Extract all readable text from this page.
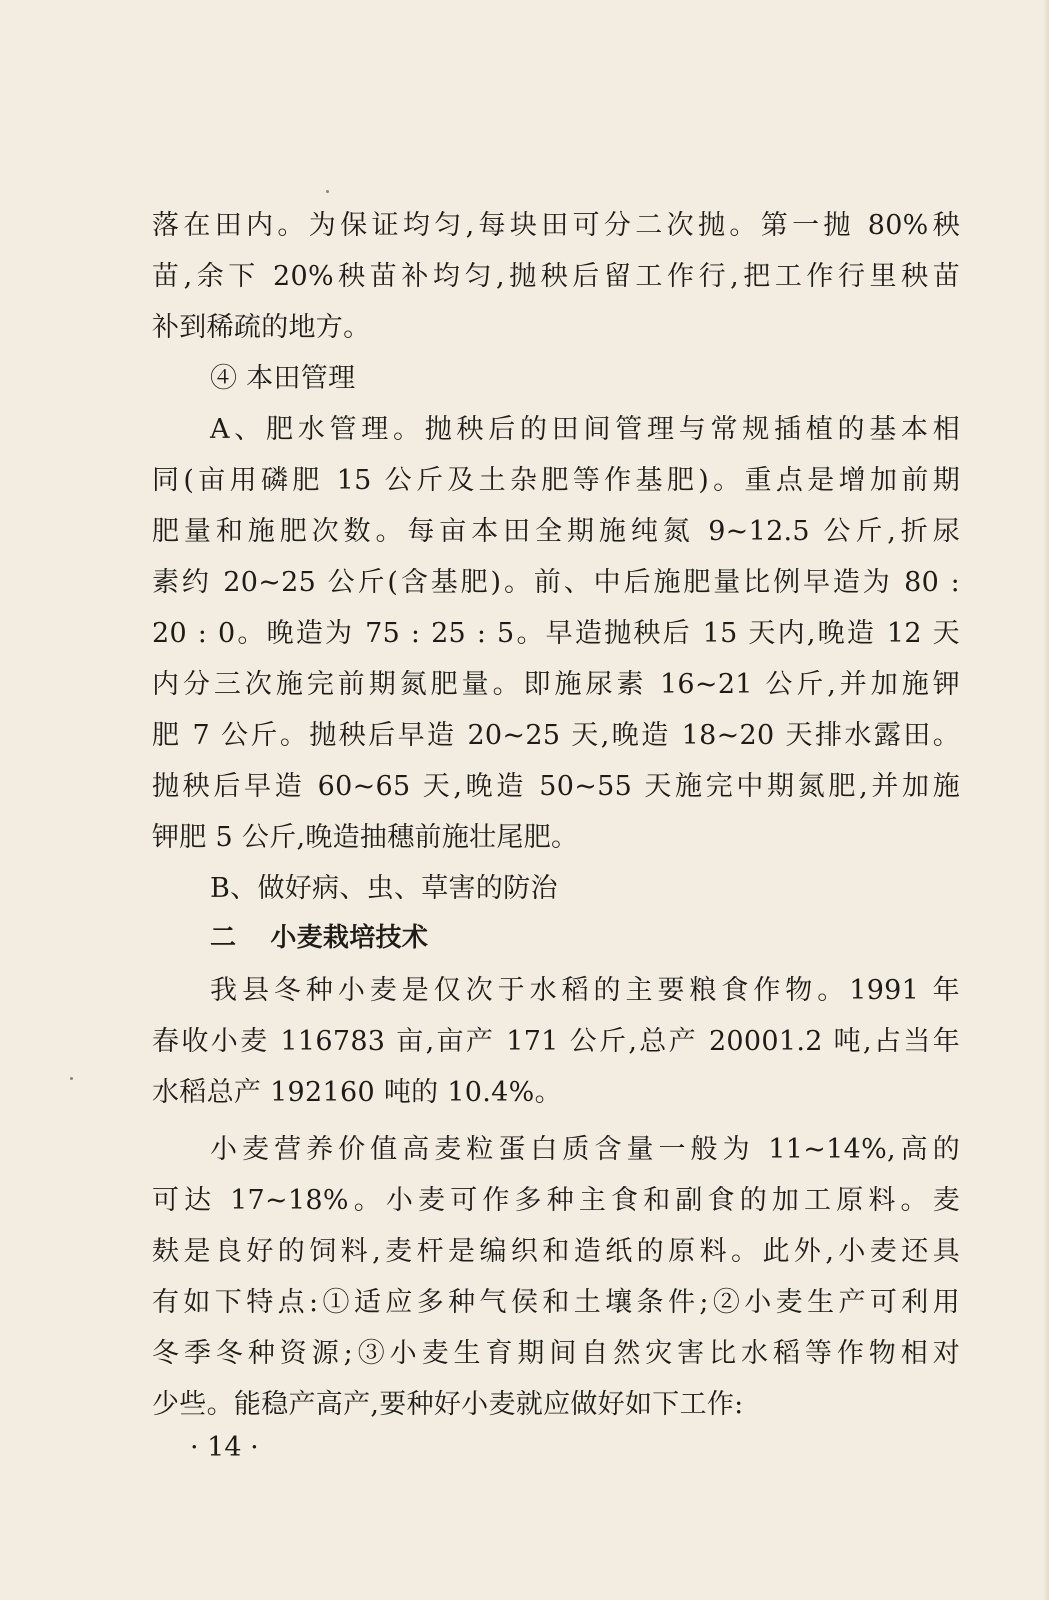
落在田内。为保证均匀,每块田可分二次抛。第一抛 80%秧
苗,余下 20%秧苗补均匀,抛秧后留工作行,把工作行里秧苗
补到稀疏的地方。
④ 本田管理
A、肥水管理。抛秧后的田间管理与常规插植的基本相
同(亩用磷肥 15 公斤及土杂肥等作基肥)。重点是增加前期
肥量和施肥次数。每亩本田全期施纯氮 9~12.5 公斤,折尿
素约 20~25 公斤(含基肥)。前、中后施肥量比例早造为 80 :
20 : 0。晚造为 75 : 25 : 5。早造抛秧后 15 天内,晚造 12 天
内分三次施完前期氮肥量。即施尿素 16~21 公斤,并加施钾
肥 7 公斤。抛秧后早造 20~25 天,晚造 18~20 天排水露田。
抛秧后早造 60~65 天,晚造 50~55 天施完中期氮肥,并加施
钾肥 5 公斤,晚造抽穗前施壮尾肥。
B、做好病、虫、草害的防治
二 小麦栽培技术
我县冬种小麦是仅次于水稻的主要粮食作物。1991 年
春收小麦 116783 亩,亩产 171 公斤,总产 20001.2 吨,占当年
水稻总产 192160 吨的 10.4%。
小麦营养价值高麦粒蛋白质含量一般为 11~14%,高的
可达 17~18%。小麦可作多种主食和副食的加工原料。麦
麸是良好的饲料,麦杆是编织和造纸的原料。此外,小麦还具
有如下特点:①适应多种气侯和土壤条件;②小麦生产可利用
冬季冬种资源;③小麦生育期间自然灾害比水稻等作物相对
少些。能稳产高产,要种好小麦就应做好如下工作:
· 14 ·
